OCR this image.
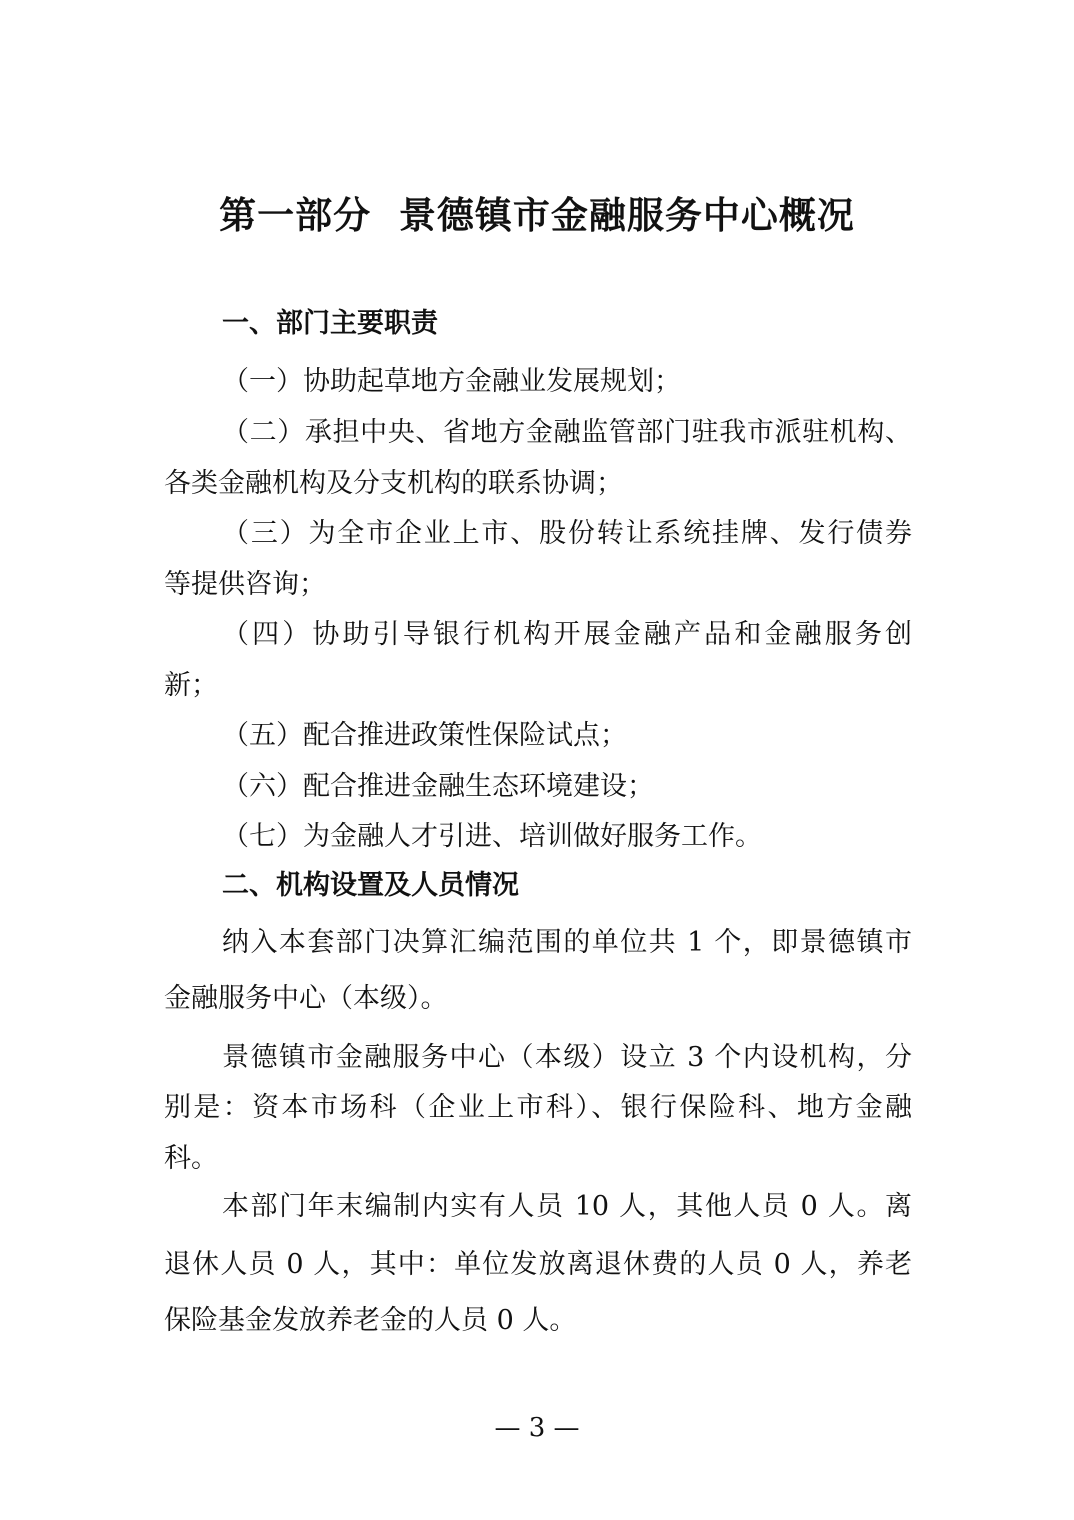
第一部分  景德镇市金融服务中心概况
一、部门主要职责
（一）协助起草地方金融业发展规划；
（二）承担中央、省地方金融监管部门驻我市派驻机构、
各类金融机构及分支机构的联系协调；
（三）为全市企业上市、股份转让系统挂牌、发行债券
等提供咨询；
（四）协助引导银行机构开展金融产品和金融服务创
新；
（五）配合推进政策性保险试点；
（六）配合推进金融生态环境建设；
（七）为金融人才引进、培训做好服务工作。
二、机构设置及人员情况
纳入本套部门决算汇编范围的单位共 1 个，即景德镇市
金融服务中心（本级）。
景德镇市金融服务中心（本级）设立 3 个内设机构，分
别是：资本市场科（企业上市科）、银行保险科、地方金融
科。
本部门年末编制内实有人员 10 人，其他人员 0 人。离
退休人员 0 人，其中：单位发放离退休费的人员 0 人，养老
保险基金发放养老金的人员 0 人。
— 3 —
